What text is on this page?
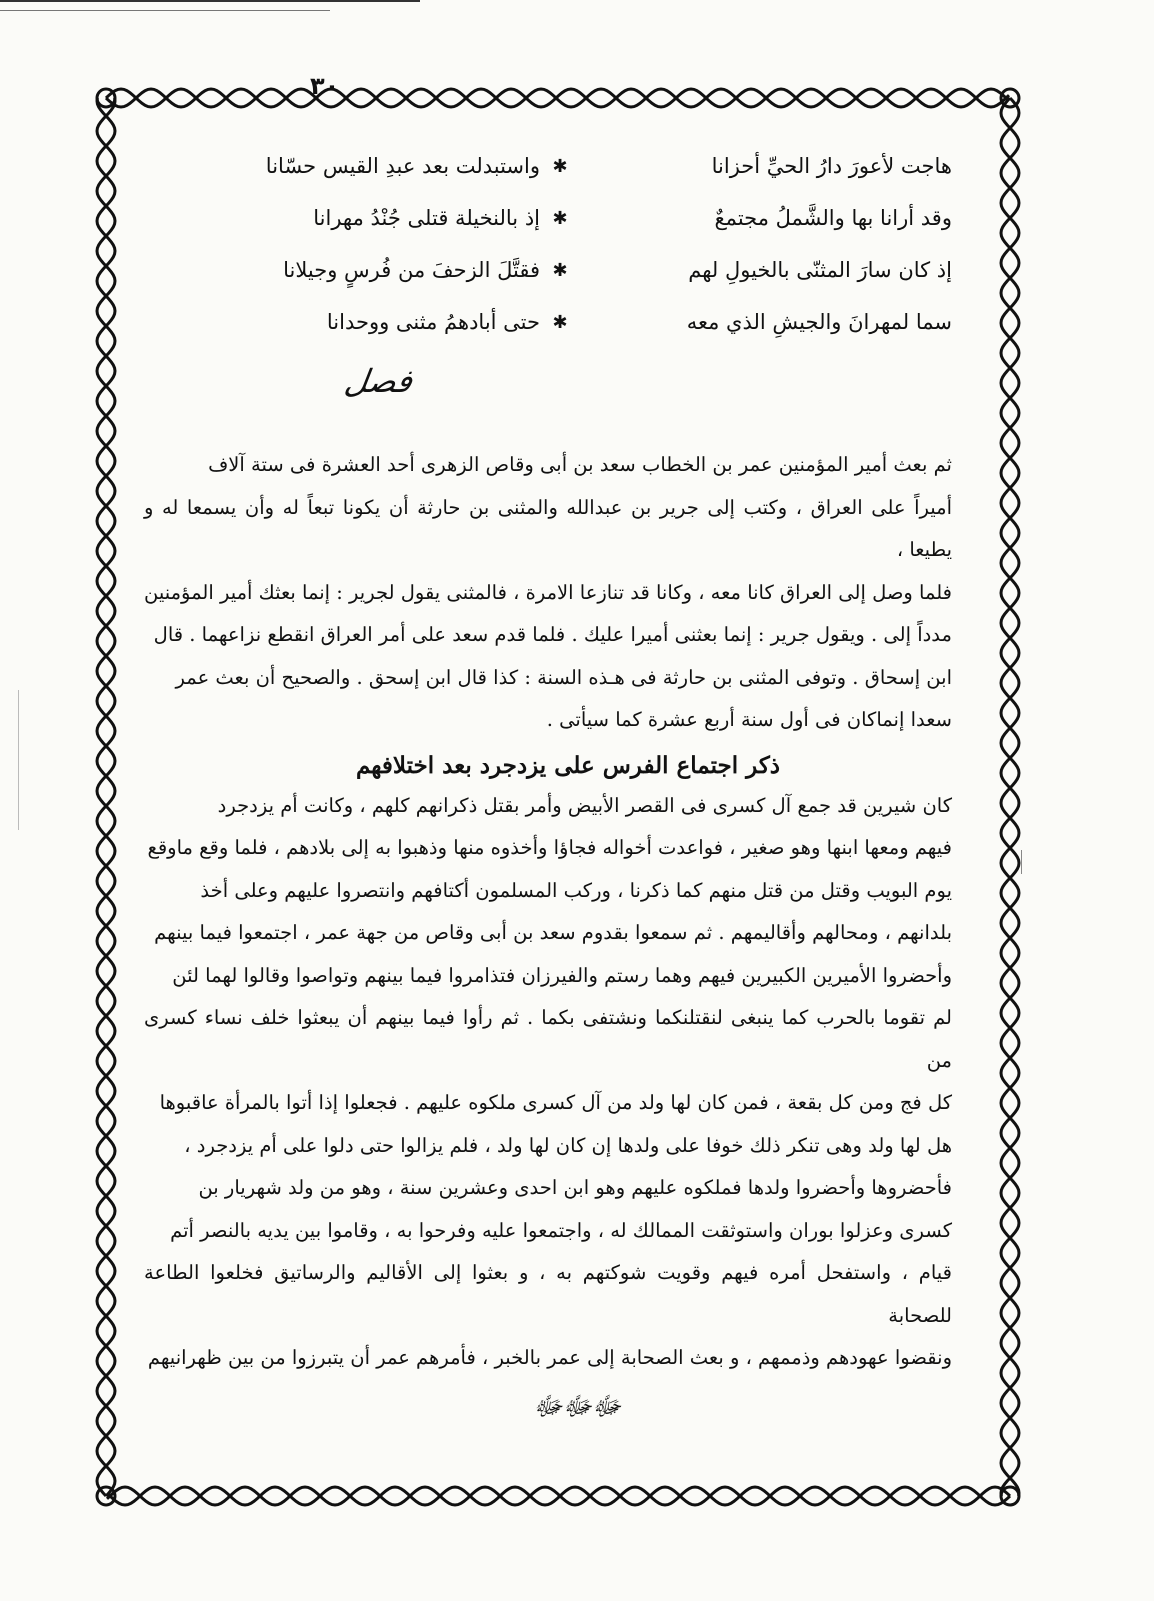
٣٠
هاجت لأعورَ دارُ الحيِّ أحزانا
✱
واستبدلت بعد عبدِ القيس حسّانا
وقد أرانا بها والشَّملُ مجتمعٌ
✱
إذ بالنخيلة قتلى جُنْدُ مهرانا
إذ كان سارَ المثنّى بالخيولِ لهم
✱
فقتَّلَ الزحفَ من فُرسٍ وجيلانا
سما لمهرانَ والجيشِ الذي معه
✱
حتى أبادهمُ مثنى ووحدانا
فصل

ثم بعث أمير المؤمنين عمر بن الخطاب سعد بن أبى وقاص الزهرى أحد العشرة فى ستة آلاف

أميراً على العراق ، وكتب إلى جرير بن عبدالله والمثنى بن حارثة أن يكونا تبعاً له وأن يسمعا له و يطيعا ،

فلما وصل إلى العراق كانا معه ، وكانا قد تنازعا الامرة ، فالمثنى يقول لجرير : إنما بعثك أمير المؤمنين

مدداً إلى . ويقول جرير : إنما بعثنى أميرا عليك . فلما قدم سعد على أمر العراق انقطع نزاعهما . قال

ابن إسحاق . وتوفى المثنى بن حارثة فى هـذه السنة : كذا قال ابن إسحق . والصحيح أن بعث عمر

سعدا إنماكان فى أول سنة أربع عشرة كما سيأتى .

ذكر اجتماع الفرس على يزدجرد بعد اختلافهم

كان شيرين قد جمع آل كسرى فى القصر الأبيض وأمر بقتل ذكرانهم كلهم ، وكانت أم يزدجرد

فيهم ومعها ابنها وهو صغير ، فواعدت أخواله فجاؤا وأخذوه منها وذهبوا به إلى بلادهم ، فلما وقع ماوقع

يوم البويب وقتل من قتل منهم كما ذكرنا ، وركب المسلمون أكتافهم وانتصروا عليهم وعلى أخذ

بلدانهم ، ومحالهم وأقاليمهم . ثم سمعوا بقدوم سعد بن أبى وقاص من جهة عمر ، اجتمعوا فيما بينهم

وأحضروا الأميرين الكبيرين فيهم وهما رستم والفيرزان فتذامروا فيما بينهم وتواصوا وقالوا لهما لئن

لم تقوما بالحرب كما ينبغى لنقتلنكما ونشتفى بكما . ثم رأوا فيما بينهم أن يبعثوا خلف نساء كسرى من

كل فج ومن كل بقعة ، فمن كان لها ولد من آل كسرى ملكوه عليهم . فجعلوا إذا أتوا بالمرأة عاقبوها

هل لها ولد وهى تنكر ذلك خوفا على ولدها إن كان لها ولد ، فلم يزالوا حتى دلوا على أم يزدجرد ،

فأحضروها وأحضروا ولدها فملكوه عليهم وهو ابن احدى وعشرين سنة ، وهو من ولد شهريار بن

كسرى وعزلوا بوران واستوثقت الممالك له ، واجتمعوا عليه وفرحوا به ، وقاموا بين يديه بالنصر أتم

قيام ، واستفحل أمره فيهم وقويت شوكتهم به ، و بعثوا إلى الأقاليم والرساتيق فخلعوا الطاعة للصحابة

ونقضوا عهودهم وذممهم ، و بعث الصحابة إلى عمر بالخبر ، فأمرهم عمر أن يتبرزوا من بين ظهرانيهم

ﷻﷻﷻ
